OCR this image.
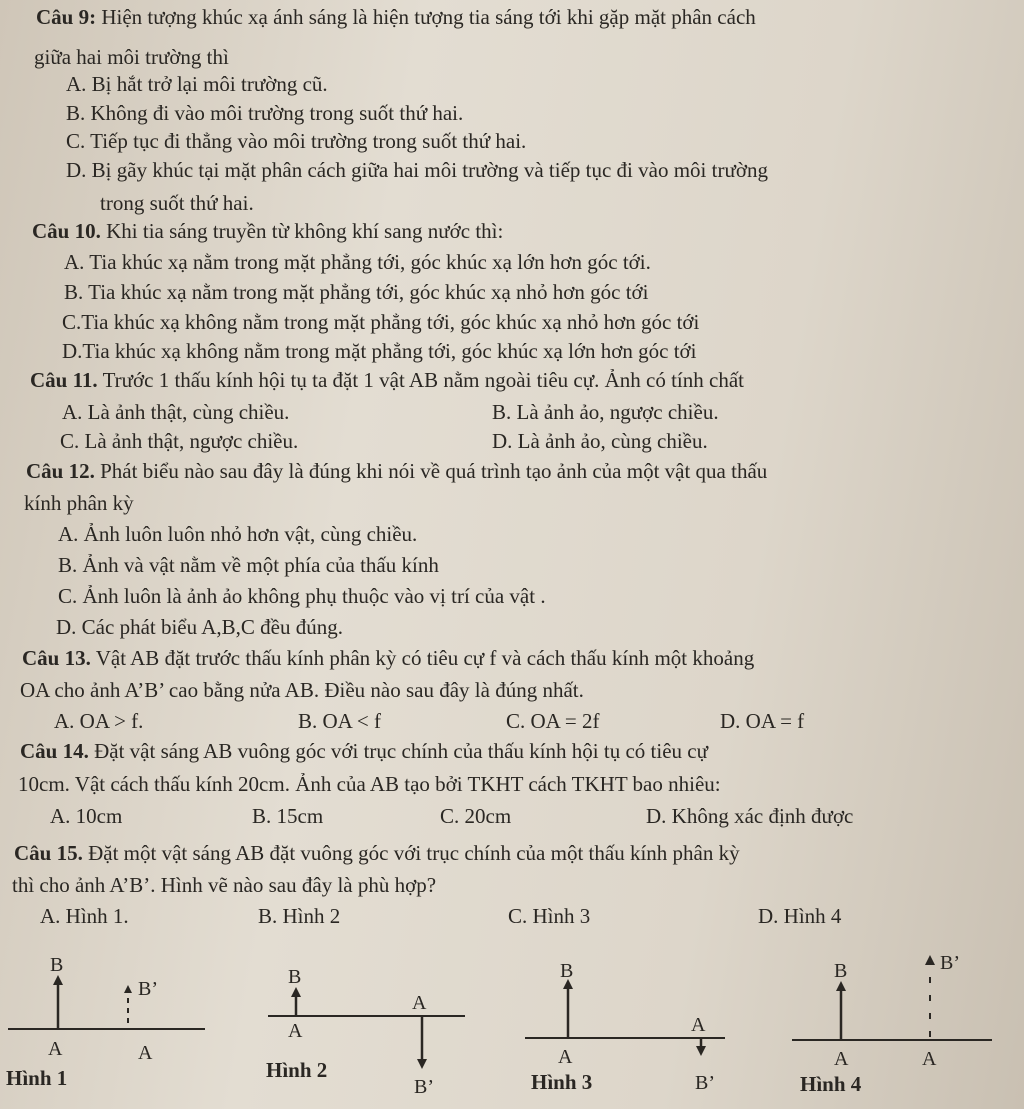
Câu 9: Hiện tượng khúc xạ ánh sáng là hiện tượng tia sáng tới khi gặp mặt phân cách
giữa hai môi trường thì
A. Bị hắt trở lại môi trường cũ.
B. Không đi vào môi trường trong suốt thứ hai.
C. Tiếp tục đi thẳng vào môi trường trong suốt thứ hai.
D. Bị gãy khúc tại mặt phân cách giữa hai môi trường và tiếp tục đi vào môi trường
trong suốt thứ hai.
Câu 10. Khi tia sáng truyền từ không khí sang nước thì:
A. Tia khúc xạ nằm trong mặt phẳng tới, góc khúc xạ lớn hơn góc tới.
B. Tia khúc xạ nằm trong mặt phẳng tới, góc khúc xạ nhỏ hơn góc tới
C.Tia khúc xạ không nằm trong mặt phẳng tới, góc khúc xạ nhỏ hơn góc tới
D.Tia khúc xạ không nằm trong mặt phẳng tới, góc khúc xạ lớn hơn góc tới
Câu 11. Trước 1 thấu kính hội tụ ta đặt 1 vật AB nằm ngoài tiêu cự. Ảnh có tính chất
A. Là ảnh thật, cùng chiều.	B. Là ảnh ảo, ngược chiều.
C. Là ảnh thật, ngược chiều.	D. Là ảnh ảo, cùng chiều.
Câu 12. Phát biểu nào sau đây là đúng khi nói về quá trình tạo ảnh của một vật qua thấu
kính phân kỳ
A. Ảnh luôn luôn nhỏ hơn vật, cùng chiều.
B. Ảnh và vật nằm về một phía của thấu kính
C. Ảnh luôn là ảnh ảo không phụ thuộc vào vị trí của vật .
D. Các phát biểu A,B,C đều đúng.
Câu 13. Vật AB đặt trước thấu kính phân kỳ có tiêu cự f và cách thấu kính một khoảng
OA cho ảnh A’B’ cao bằng nửa AB. Điều nào sau đây là đúng nhất.
A. OA > f.	B. OA < f	C. OA = 2f	D. OA = f
Câu 14. Đặt vật sáng AB vuông góc với trục chính của thấu kính hội tụ có tiêu cự
10cm. Vật cách thấu kính 20cm. Ảnh của AB tạo bởi TKHT cách TKHT bao nhiêu:
A. 10cm	B. 15cm	C. 20cm	D. Không xác định được
Câu 15. Đặt một vật sáng AB đặt vuông góc với trục chính của một thấu kính phân kỳ
thì cho ảnh A’B’. Hình vẽ nào sau đây là phù hợp?
A. Hình 1.	B. Hình 2	C. Hình 3	D. Hình 4
B
B’
A	A
Hình 1
B
A
A
B’
Hình 2
B
A
A
B’
Hình 3
B	B’
A	A
Hình 4
